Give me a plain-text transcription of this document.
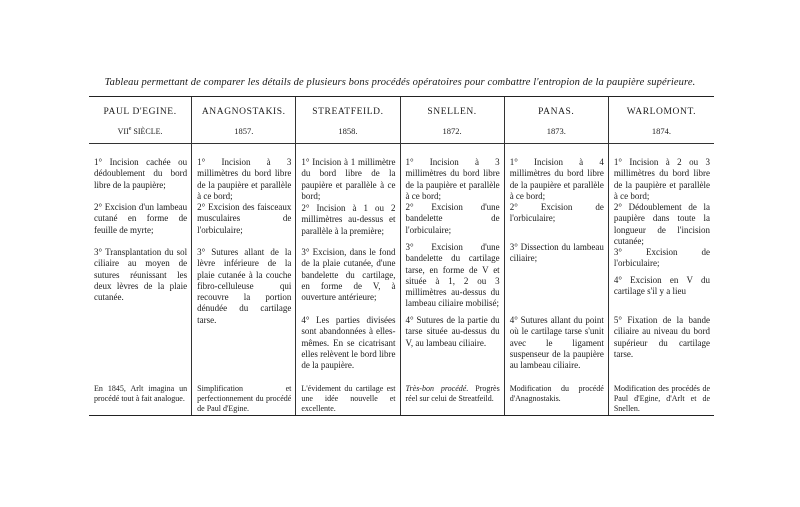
Tableau permettant de comparer les détails de plusieurs bons procédés opératoires pour combattre l'entropion de la paupière supérieure.
PAUL D'EGINE.
VIIe SIÈCLE.
1° Incision cachée ou dédoublement du bord libre de la paupière;
2° Excision d'un lambeau cutané en forme de feuille de myrte;
3° Transplantation du sol ciliaire au moyen de sutures réunissant les deux lèvres de la plaie cutanée.
En 1845, Arlt imagina un procédé tout à fait analogue.
ANAGNOSTAKIS.
1857.
1° Incision à 3 millimètres du bord libre de la paupière et parallèle à ce bord;
2° Excision des faisceaux musculaires de l'orbiculaire;
3° Sutures allant de la lèvre inférieure de la plaie cutanée à la couche fibro-celluleuse qui recouvre la portion dénudée du cartilage tarse.
Simplification et perfectionnement du procédé de Paul d'Egine.
STREATFEILD.
1858.
1° Incision à 1 millimètre du bord libre de la paupière et parallèle à ce bord;
2° Incision à 1 ou 2 millimètres au-dessus et parallèle à la première;
3° Excision, dans le fond de la plaie cutanée, d'une bandelette du cartilage, en forme de V, à ouverture antérieure;
4° Les parties divisées sont abandonnées à elles-mêmes. En se cicatrisant elles relèvent le bord libre de la paupière.
L'évidement du cartilage est une idée nouvelle et excellente.
SNELLEN.
1872.
1° Incision à 3 millimètres du bord libre de la paupière et parallèle à ce bord;
2° Excision d'une bandelette de l'orbiculaire;
3° Excision d'une bandelette du cartilage tarse, en forme de V et située à 1, 2 ou 3 millimètres au-dessus du lambeau ciliaire mobilisé;
4° Sutures de la partie du tarse située au-dessus du V, au lambeau ciliaire.
Très-bon procédé. Progrès réel sur celui de Streatfeild.
PANAS.
1873.
1° Incision à 4 millimètres du bord libre de la paupière et parallèle à ce bord;
2° Excision de l'orbiculaire;
3° Dissection du lambeau ciliaire;
4° Sutures allant du point où le cartilage tarse s'unit avec le ligament suspenseur de la paupière au lambeau ciliaire.
Modification du procédé d'Anagnostakis.
WARLOMONT.
1874.
1° Incision à 2 ou 3 millimètres du bord libre de la paupière et parallèle à ce bord;
2° Dédoublement de la paupière dans toute la longueur de l'incision cutanée;
3° Excision de l'orbiculaire;
4° Excision en V du cartilage s'il y a lieu
5° Fixation de la bande ciliaire au niveau du bord supérieur du cartilage tarse.
Modification des procédés de Paul d'Egine, d'Arlt et de Snellen.
